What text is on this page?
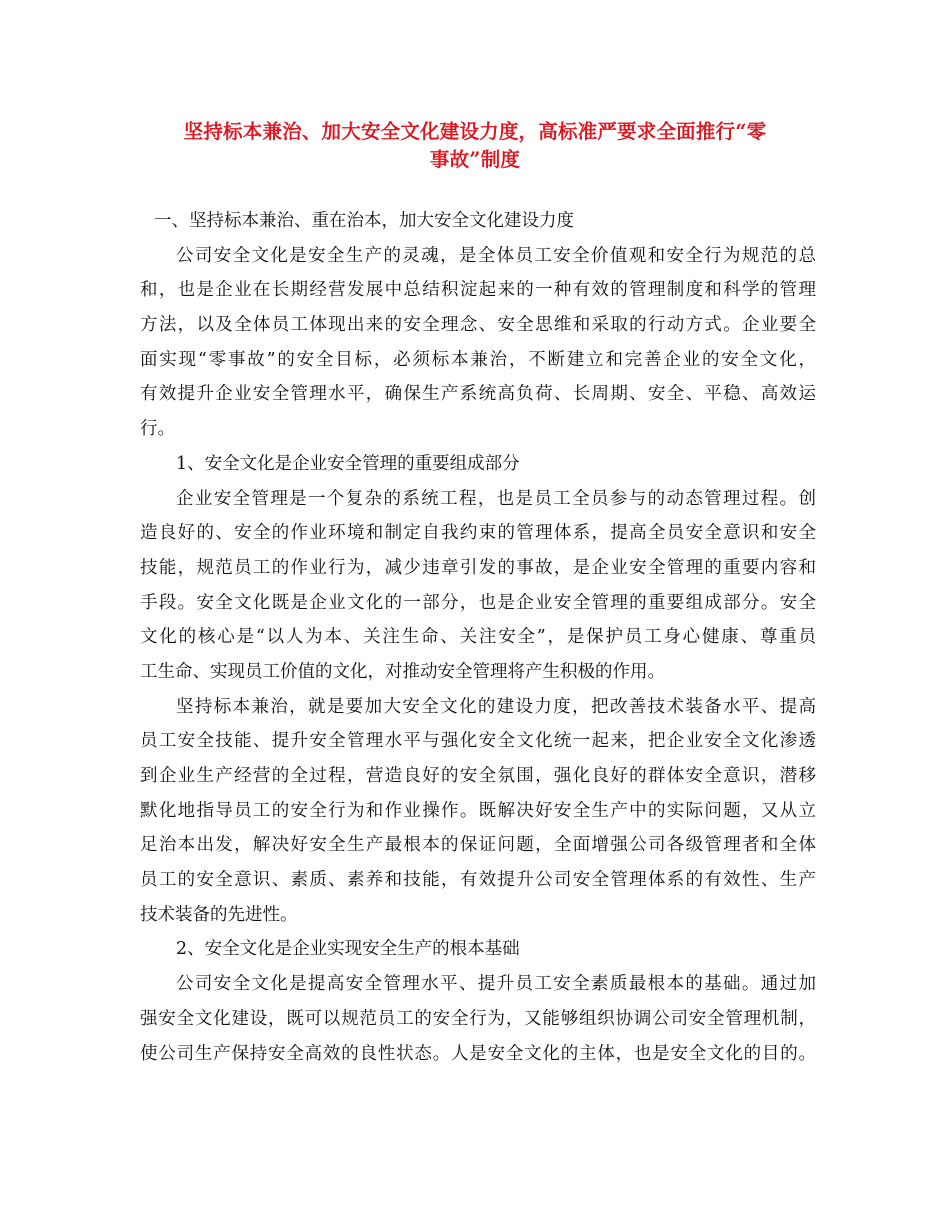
坚持标本兼治、加大安全文化建设力度，高标准严要求全面推行“零
事故”制度
一、坚持标本兼治、重在治本，加大安全文化建设力度
公司安全文化是安全生产的灵魂，是全体员工安全价值观和安全行为规范的总
和，也是企业在长期经营发展中总结积淀起来的一种有效的管理制度和科学的管理
方法，以及全体员工体现出来的安全理念、安全思维和采取的行动方式。企业要全
面实现“零事故”的安全目标，必须标本兼治，不断建立和完善企业的安全文化，
有效提升企业安全管理水平，确保生产系统高负荷、长周期、安全、平稳、高效运
行。
1、安全文化是企业安全管理的重要组成部分
企业安全管理是一个复杂的系统工程，也是员工全员参与的动态管理过程。创
造良好的、安全的作业环境和制定自我约束的管理体系，提高全员安全意识和安全
技能，规范员工的作业行为，减少违章引发的事故，是企业安全管理的重要内容和
手段。安全文化既是企业文化的一部分，也是企业安全管理的重要组成部分。安全
文化的核心是“以人为本、关注生命、关注安全”，是保护员工身心健康、尊重员
工生命、实现员工价值的文化，对推动安全管理将产生积极的作用。
坚持标本兼治，就是要加大安全文化的建设力度，把改善技术装备水平、提高
员工安全技能、提升安全管理水平与强化安全文化统一起来，把企业安全文化渗透
到企业生产经营的全过程，营造良好的安全氛围，强化良好的群体安全意识，潜移
默化地指导员工的安全行为和作业操作。既解决好安全生产中的实际问题，又从立
足治本出发，解决好安全生产最根本的保证问题，全面增强公司各级管理者和全体
员工的安全意识、素质、素养和技能，有效提升公司安全管理体系的有效性、生产
技术装备的先进性。
2、安全文化是企业实现安全生产的根本基础
公司安全文化是提高安全管理水平、提升员工安全素质最根本的基础。通过加
强安全文化建设，既可以规范员工的安全行为，又能够组织协调公司安全管理机制，
使公司生产保持安全高效的良性状态。人是安全文化的主体，也是安全文化的目的。
